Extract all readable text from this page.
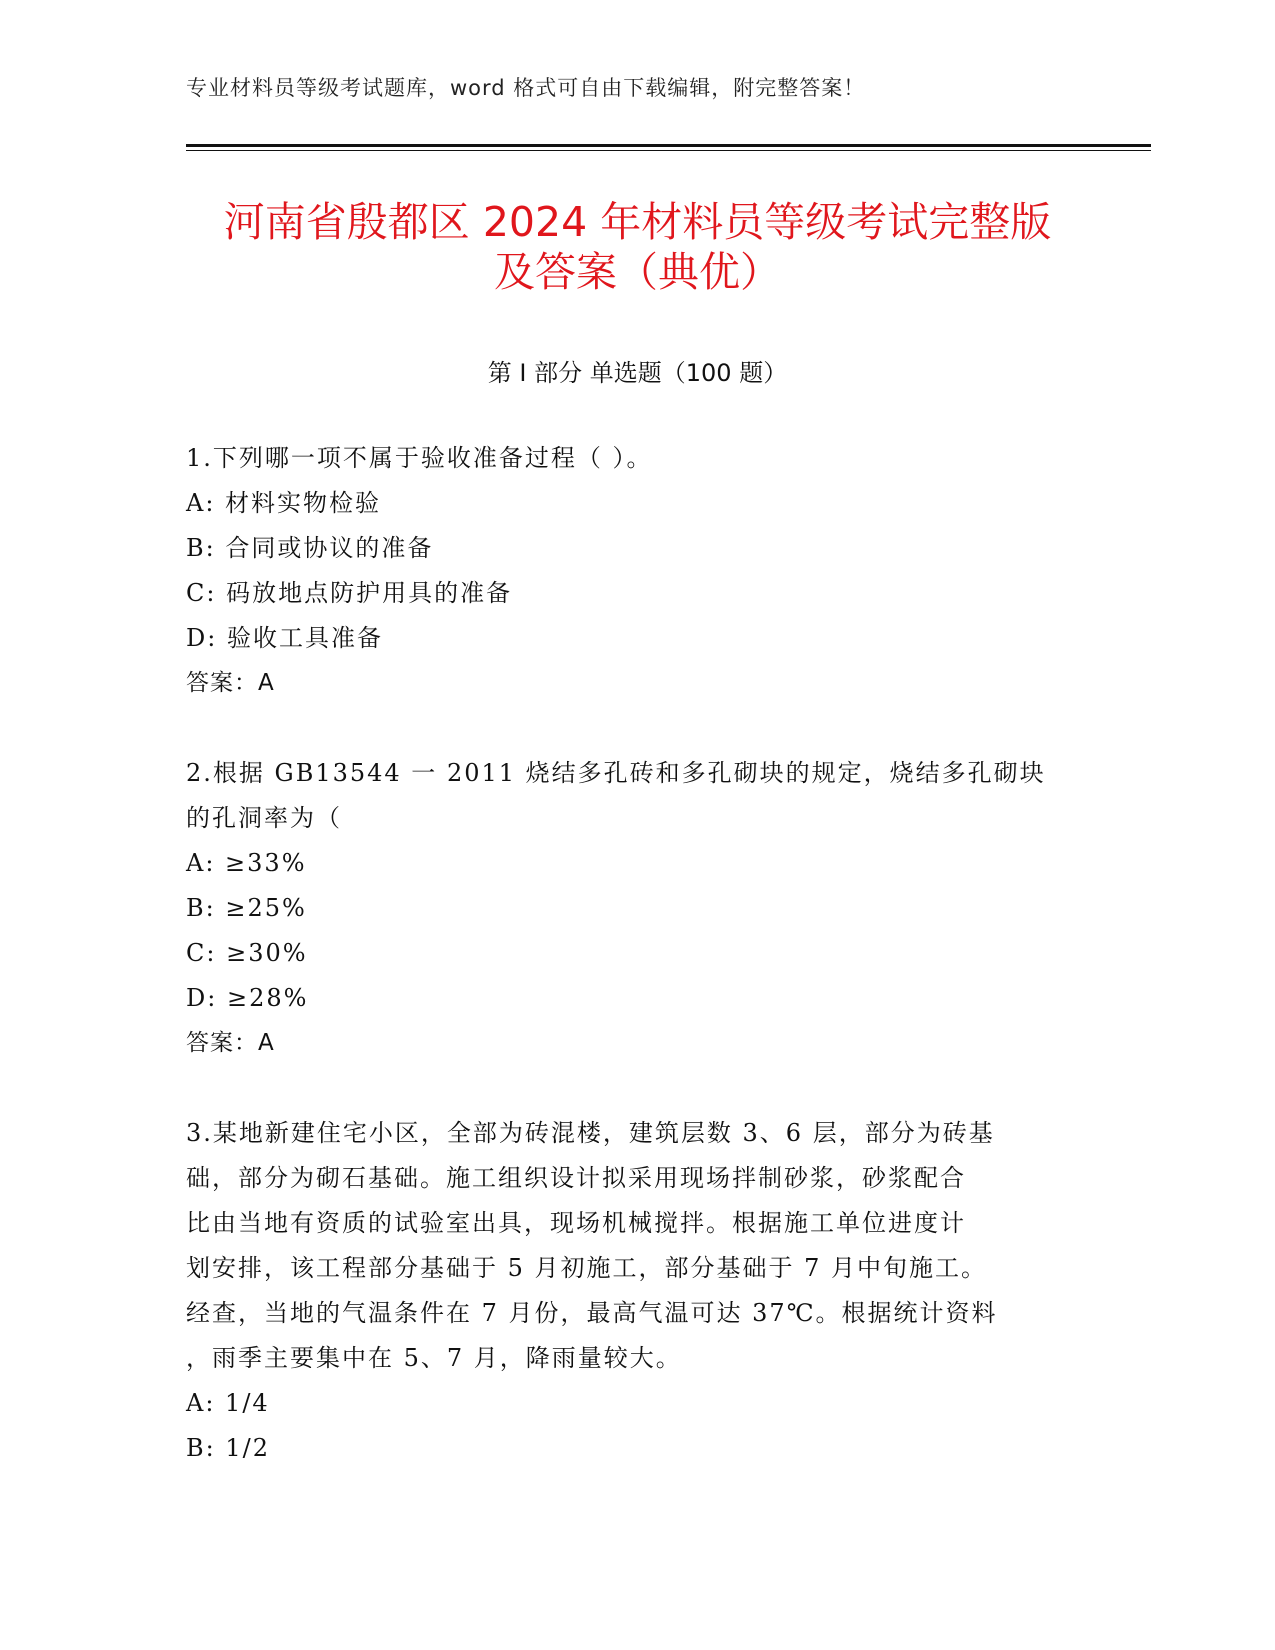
专业材料员等级考试题库，word 格式可自由下载编辑，附完整答案！
河南省殷都区 2024 年材料员等级考试完整版
及答案（典优）
第 I 部分 单选题（100 题）
1.下列哪一项不属于验收准备过程（ ）。
A: 材料实物检验
B: 合同或协议的准备
C: 码放地点防护用具的准备
D: 验收工具准备
答案：A
2.根据 GB13544 一 2011 烧结多孔砖和多孔砌块的规定，烧结多孔砌块
的孔洞率为（
A: ≥33%
B: ≥25%
C: ≥30%
D: ≥28%
答案：A
3.某地新建住宅小区，全部为砖混楼，建筑层数 3、6 层，部分为砖基
础，部分为砌石基础。施工组织设计拟采用现场拌制砂浆，砂浆配合
比由当地有资质的试验室出具，现场机械搅拌。根据施工单位进度计
划安排，该工程部分基础于 5 月初施工，部分基础于 7 月中旬施工。
经查，当地的气温条件在 7 月份，最高气温可达 37℃。根据统计资料
，雨季主要集中在 5、7 月，降雨量较大。
A: 1/4
B: 1/2
